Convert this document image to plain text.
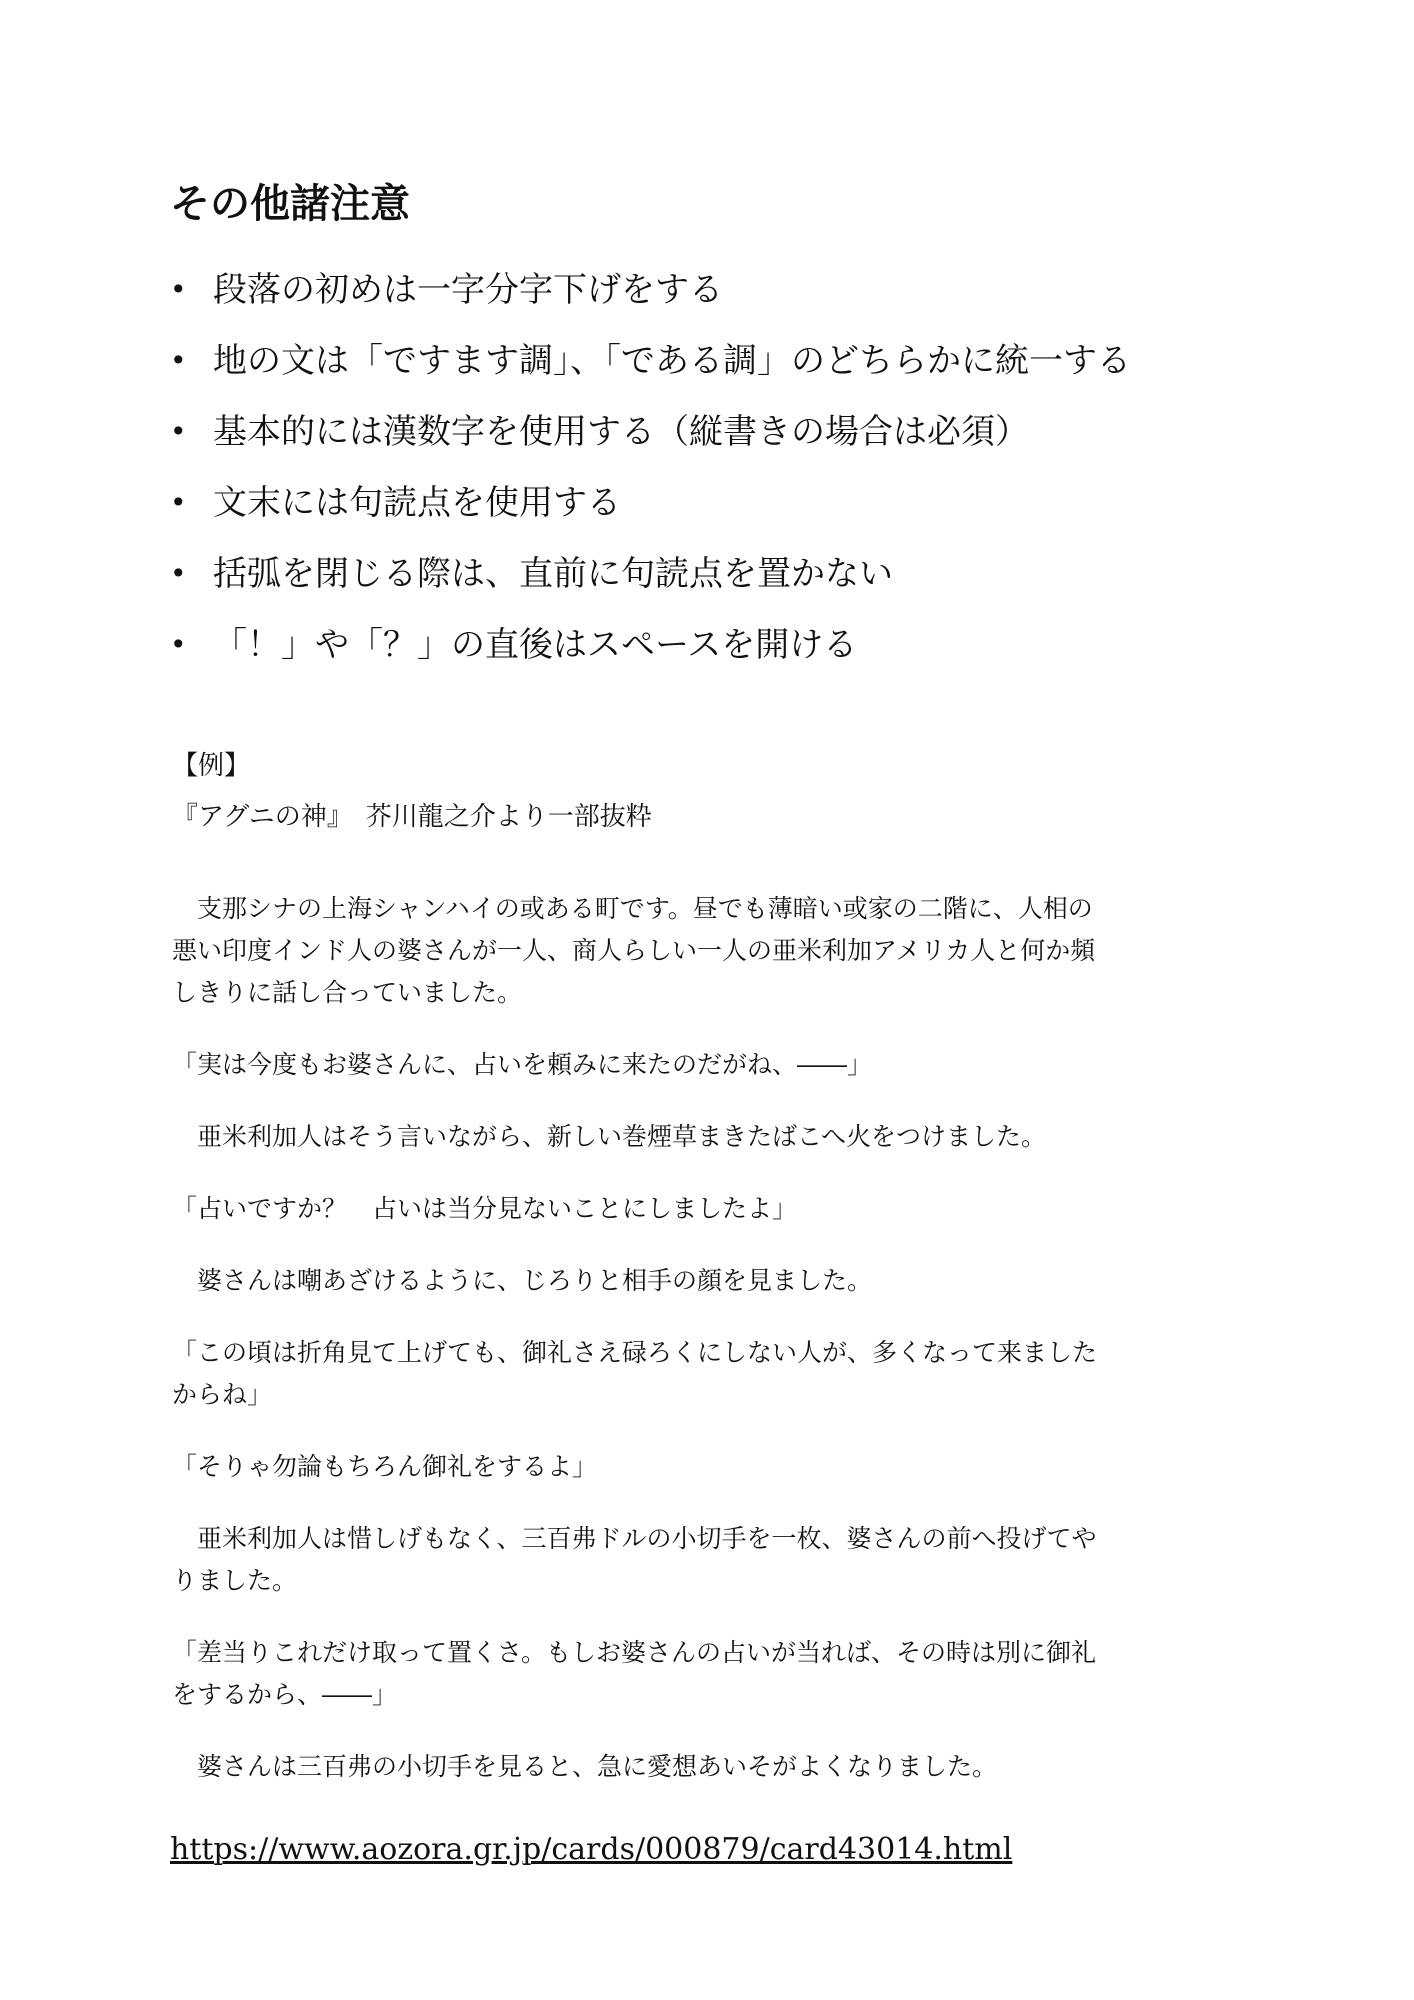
その他諸注意
• 段落の初めは一字分字下げをする
• 地の文は「ですます調」、「である調」のどちらかに統一する
• 基本的には漢数字を使用する（縦書きの場合は必須）
• 文末には句読点を使用する
• 括弧を閉じる際は、直前に句読点を置かない
• 「！」や「？」の直後はスペースを開ける
【例】
『アグニの神』　芥川龍之介より一部抜粋

　支那シナの上海シャンハイの或ある町です。昼でも薄暗い或家の二階に、人相の
悪い印度インド人の婆さんが一人、商人らしい一人の亜米利加アメリカ人と何か頻
しきりに話し合っていました。

「実は今度もお婆さんに、占いを頼みに来たのだがね、――」

　亜米利加人はそう言いながら、新しい巻煙草まきたばこへ火をつけました。

「占いですか？　占いは当分見ないことにしましたよ」

　婆さんは嘲あざけるように、じろりと相手の顔を見ました。

「この頃は折角見て上げても、御礼さえ碌ろくにしない人が、多くなって来ました
からね」

「そりゃ勿論もちろん御礼をするよ」

　亜米利加人は惜しげもなく、三百弗ドルの小切手を一枚、婆さんの前へ投げてや
りました。

「差当りこれだけ取って置くさ。もしお婆さんの占いが当れば、その時は別に御礼
をするから、――」

　婆さんは三百弗の小切手を見ると、急に愛想あいそがよくなりました。

https://www.aozora.gr.jp/cards/000879/card43014.html
